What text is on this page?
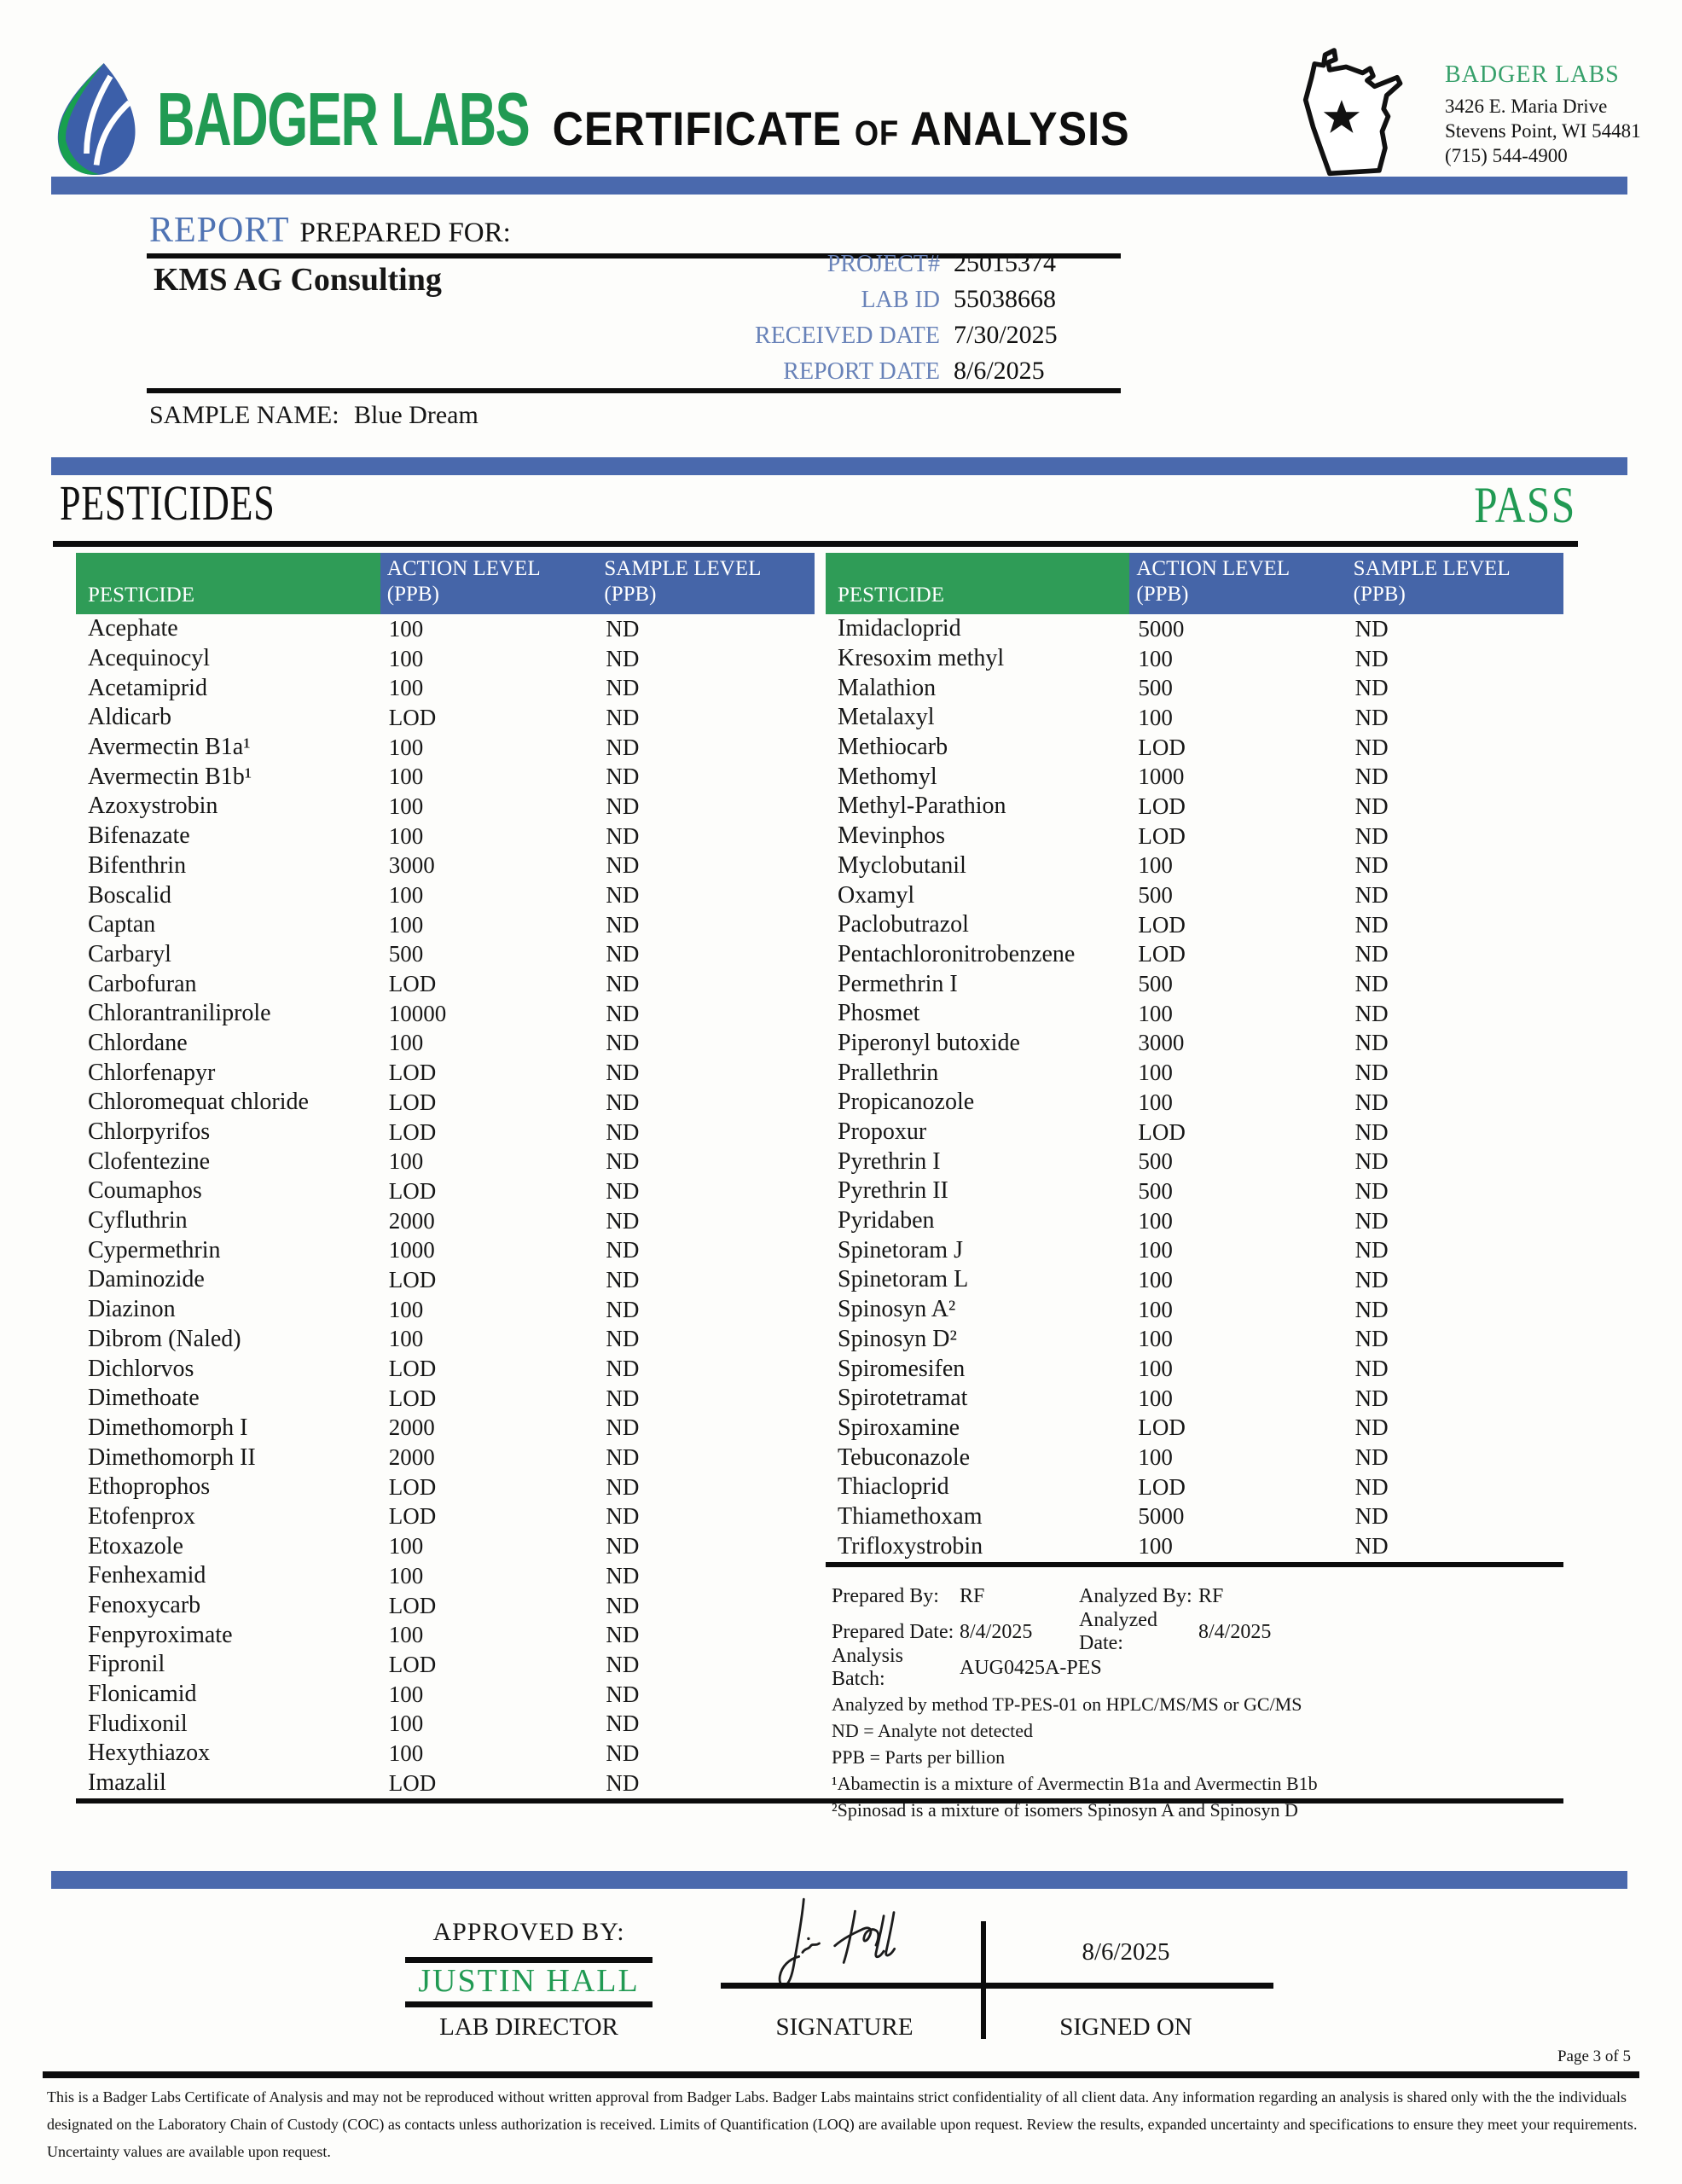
BADGER LABS CERTIFICATE OF ANALYSIS
BADGER LABS
3426 E. Maria Drive
Stevens Point, WI 54481
(715) 544-4900
REPORT PREPARED FOR:
KMS AG Consulting	PROJECT# 25015374
LAB ID 55038668
RECEIVED DATE 7/30/2025
REPORT DATE 8/6/2025
SAMPLE NAME: Blue Dream
PESTICIDES	PASS
PESTICIDE
ACTION LEVEL
(PPB)
SAMPLE LEVEL
(PPB)
Acephate	100	ND
Acequinocyl	100	ND
Acetamiprid	100	ND
Aldicarb	LOD	ND
Avermectin B1a¹	100	ND
Avermectin B1b¹	100	ND
Azoxystrobin	100	ND
Bifenazate	100	ND
Bifenthrin	3000	ND
Boscalid	100	ND
Captan	100	ND
Carbaryl	500	ND
Carbofuran	LOD	ND
Chlorantraniliprole	10000	ND
Chlordane	100	ND
Chlorfenapyr	LOD	ND
Chloromequat chloride	LOD	ND
Chlorpyrifos	LOD	ND
Clofentezine	100	ND
Coumaphos	LOD	ND
Cyfluthrin	2000	ND
Cypermethrin	1000	ND
Daminozide	LOD	ND
Diazinon	100	ND
Dibrom (Naled)	100	ND
Dichlorvos	LOD	ND
Dimethoate	LOD	ND
Dimethomorph I	2000	ND
Dimethomorph II	2000	ND
Ethoprophos	LOD	ND
Etofenprox	LOD	ND
Etoxazole	100	ND
Fenhexamid	100	ND
Fenoxycarb	LOD	ND
Fenpyroximate	100	ND
Fipronil	LOD	ND
Flonicamid	100	ND
Fludixonil	100	ND
Hexythiazox	100	ND
Imazalil	LOD	ND
PESTICIDE
ACTION LEVEL
(PPB)
SAMPLE LEVEL
(PPB)
Imidacloprid	5000	ND
Kresoxim methyl	100	ND
Malathion	500	ND
Metalaxyl	100	ND
Methiocarb	LOD	ND
Methomyl	1000	ND
Methyl-Parathion	LOD	ND
Mevinphos	LOD	ND
Myclobutanil	100	ND
Oxamyl	500	ND
Paclobutrazol	LOD	ND
Pentachloronitrobenzene	LOD	ND
Permethrin I	500	ND
Phosmet	100	ND
Piperonyl butoxide	3000	ND
Prallethrin	100	ND
Propicanozole	100	ND
Propoxur	LOD	ND
Pyrethrin I	500	ND
Pyrethrin II	500	ND
Pyridaben	100	ND
Spinetoram J	100	ND
Spinetoram L	100	ND
Spinosyn A²	100	ND
Spinosyn D²	100	ND
Spiromesifen	100	ND
Spirotetramat	100	ND
Spiroxamine	LOD	ND
Tebuconazole	100	ND
Thiacloprid	LOD	ND
Thiamethoxam	5000	ND
Trifloxystrobin	100	ND
Prepared By:	RF	Analyzed By: RF
Prepared Date: 8/4/2025
Analyzed Date:
8/4/2025
Analysis Batch:
AUG0425A-PES
Analyzed by method TP-PES-01 on HPLC/MS/MS or GC/MS
ND = Analyte not detected
PPB = Parts per billion
¹Abamectin is a mixture of Avermectin B1a and Avermectin B1b
²Spinosad is a mixture of isomers Spinosyn A and Spinosyn D
APPROVED BY:
JUSTIN HALL
LAB DIRECTOR
8/6/2025
SIGNATURE	SIGNED ON
Page 3 of 5
This is a Badger Labs Certificate of Analysis and may not be reproduced without written approval from Badger Labs. Badger Labs maintains strict confidentiality of all client data. Any information regarding an analysis is shared only with the the individuals designated on the Laboratory Chain of Custody (COC) as contacts unless authorization is received. Limits of Quantification (LOQ) are available upon request. Review the results, expanded uncertainty and specifications to ensure they meet your requirements. Uncertainty values are available upon request.
